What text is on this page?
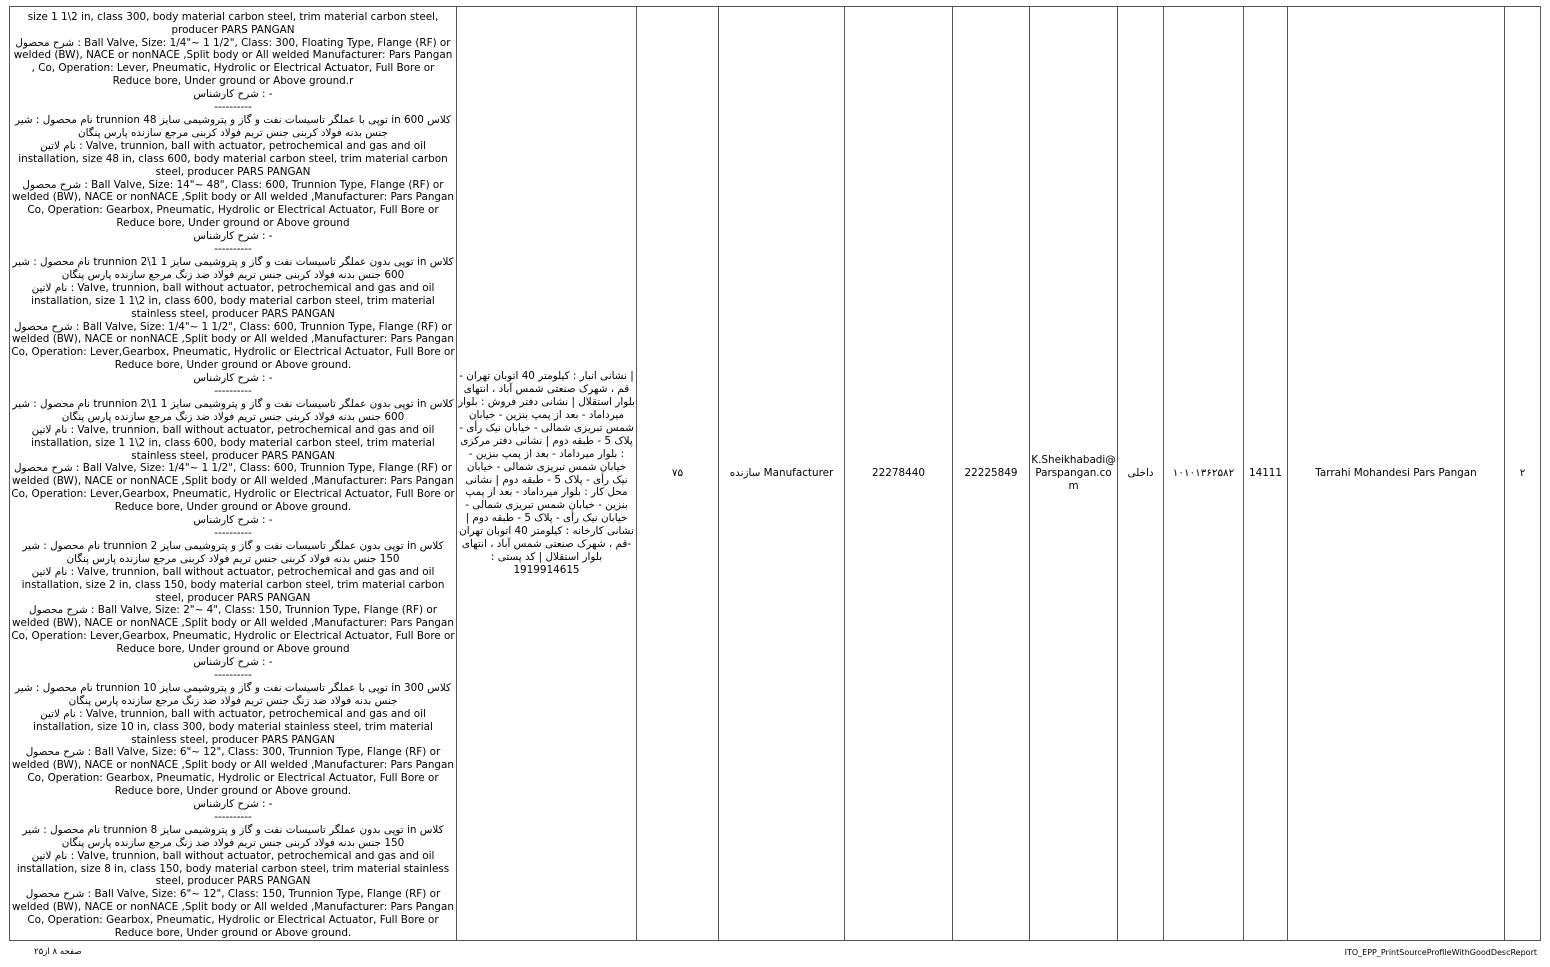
size 1 1\2 in, class 300, body material carbon steel, trim material carbon steel, producer PARS PANGAN
شرح محصول : Ball Valve, Size: 1/4"~ 1 1/2", Class: 300, Floating Type, Flange (RF) or welded (BW), NACE or nonNACE ,Split body or All welded Manufacturer: Pars Pangan , Co, Operation: Lever, Pneumatic, Hydrolic or Electrical Actuator, Full Bore or Reduce bore, Under ground or Above ground.r
شرح کارشناس : -
----------
نام محصول : شیر trunnion توپی با عملگر تاسیسات نفت و گاز و پتروشیمی سایز 48 in کلاس 600 جنس بدنه فولاد کربنی جنس تریم فولاد کربنی مرجع سازنده پارس پنگان
نام لاتین : Valve, trunnion, ball with actuator, petrochemical and gas and oil installation, size 48 in, class 600, body material carbon steel, trim material carbon steel, producer PARS PANGAN
شرح محصول : Ball Valve, Size: 14"~ 48", Class: 600, Trunnion Type, Flange (RF) or welded (BW), NACE or nonNACE ,Split body or All welded ,Manufacturer: Pars Pangan Co, Operation: Gearbox, Pneumatic, Hydrolic or Electrical Actuator, Full Bore or Reduce bore, Under ground or Above ground
شرح کارشناس : -
----------
نام محصول : شیر trunnion توپی بدون عملگر تاسیسات نفت و گاز و پتروشیمی سایز 1 1\2 in کلاس 600 جنس بدنه فولاد کربنی جنس تریم فولاد ضد زنگ مرجع سازنده پارس پنگان
نام لاتین : Valve, trunnion, ball without actuator, petrochemical and gas and oil installation, size 1 1\2 in, class 600, body material carbon steel, trim material stainless steel, producer PARS PANGAN
شرح محصول : Ball Valve, Size: 1/4"~ 1 1/2", Class: 600, Trunnion Type, Flange (RF) or welded (BW), NACE or nonNACE ,Split body or All welded ,Manufacturer: Pars Pangan Co, Operation: Lever,Gearbox, Pneumatic, Hydrolic or Electrical Actuator, Full Bore or Reduce bore, Under ground or Above ground.
شرح کارشناس : -
----------
نام محصول : شیر trunnion توپی بدون عملگر تاسیسات نفت و گاز و پتروشیمی سایز 1 1\2 in کلاس 600 جنس بدنه فولاد کربنی جنس تریم فولاد ضد زنگ مرجع سازنده پارس پنگان
نام لاتین : Valve, trunnion, ball without actuator, petrochemical and gas and oil installation, size 1 1\2 in, class 600, body material carbon steel, trim material stainless steel, producer PARS PANGAN
شرح محصول : Ball Valve, Size: 1/4"~ 1 1/2", Class: 600, Trunnion Type, Flange (RF) or welded (BW), NACE or nonNACE ,Split body or All welded ,Manufacturer: Pars Pangan Co, Operation: Lever,Gearbox, Pneumatic, Hydrolic or Electrical Actuator, Full Bore or Reduce bore, Under ground or Above ground.
شرح کارشناس : -
----------
نام محصول : شیر trunnion توپی بدون عملگر تاسیسات نفت و گاز و پتروشیمی سایز 2 in کلاس 150 جنس بدنه فولاد کربنی جنس تریم فولاد کربنی مرجع سازنده پارس پنگان
نام لاتین : Valve, trunnion, ball without actuator, petrochemical and gas and oil installation, size 2 in, class 150, body material carbon steel, trim material carbon steel, producer PARS PANGAN
شرح محصول : Ball Valve, Size: 2"~ 4", Class: 150, Trunnion Type, Flange (RF) or welded (BW), NACE or nonNACE ,Split body or All welded ,Manufacturer: Pars Pangan Co, Operation: Lever,Gearbox, Pneumatic, Hydrolic or Electrical Actuator, Full Bore or Reduce bore, Under ground or Above ground
شرح کارشناس : -
----------
نام محصول : شیر trunnion توپی با عملگر تاسیسات نفت و گاز و پتروشیمی سایز 10 in کلاس 300 جنس بدنه فولاد ضد زنگ جنس تریم فولاد ضد زنگ مرجع سازنده پارس پنگان
نام لاتین : Valve, trunnion, ball with actuator, petrochemical and gas and oil installation, size 10 in, class 300, body material stainless steel, trim material stainless steel, producer PARS PANGAN
شرح محصول : Ball Valve, Size: 6"~ 12", Class: 300, Trunnion Type, Flange (RF) or welded (BW), NACE or nonNACE ,Split body or All welded ,Manufacturer: Pars Pangan Co, Operation: Gearbox, Pneumatic, Hydrolic or Electrical Actuator, Full Bore or Reduce bore, Under ground or Above ground.
شرح کارشناس : -
----------
نام محصول : شیر trunnion توپی بدون عملگر تاسیسات نفت و گاز و پتروشیمی سایز 8 in کلاس 150 جنس بدنه فولاد کربنی جنس تریم فولاد ضد زنگ مرجع سازنده پارس پنگان
نام لاتین : Valve, trunnion, ball without actuator, petrochemical and gas and oil installation, size 8 in, class 150, body material carbon steel, trim material stainless steel, producer PARS PANGAN
شرح محصول : Ball Valve, Size: 6"~ 12", Class: 150, Trunnion Type, Flange (RF) or welded (BW), NACE or nonNACE ,Split body or All welded ,Manufacturer: Pars Pangan Co, Operation: Gearbox, Pneumatic, Hydrolic or Electrical Actuator, Full Bore or Reduce bore, Under ground or Above ground.
	| نشانی انبار : کیلومتر 40 اتوبان تهران - قم ، شهرک صنعتی شمس آباد ، انتهای بلوار استقلال | نشانی دفتر فروش : بلوار میرداماد - بعد از پمپ بنزین - خیابان شمس تبریزی شمالی - خیابان نیک رأی - پلاک 5 - طبقه دوم | نشانی دفتر مرکزی : بلوار میرداماد - بعد از پمپ بنزین - خیابان شمس تبریزی شمالی - خیابان نیک رأی - پلاک 5 - طبقه دوم | نشانی محل کار : بلوار میرداماد - بعد از پمپ بنزین - خیابان شمس تبریزی شمالی - خیابان نیک رأی - پلاک 5 - طبقه دوم | نشانی کارخانه : کیلومتر 40 اتوبان تهران -قم ، شهرک صنعتی شمس آباد ، انتهای بلوار استقلال | کد پستی : 1919914615	۷۵	سازنده Manufacturer	22278440	22225849	K.Sheikhabadi@Parspangan.com	داخلی	۱۰۱۰۱۳۶۲۵۸۲	14111	Tarrahi Mohandesi Pars Pangan	۲
صفحه ۸ از۲۵	ITO_EPP_PrintSourceProfileWithGoodDescReport
